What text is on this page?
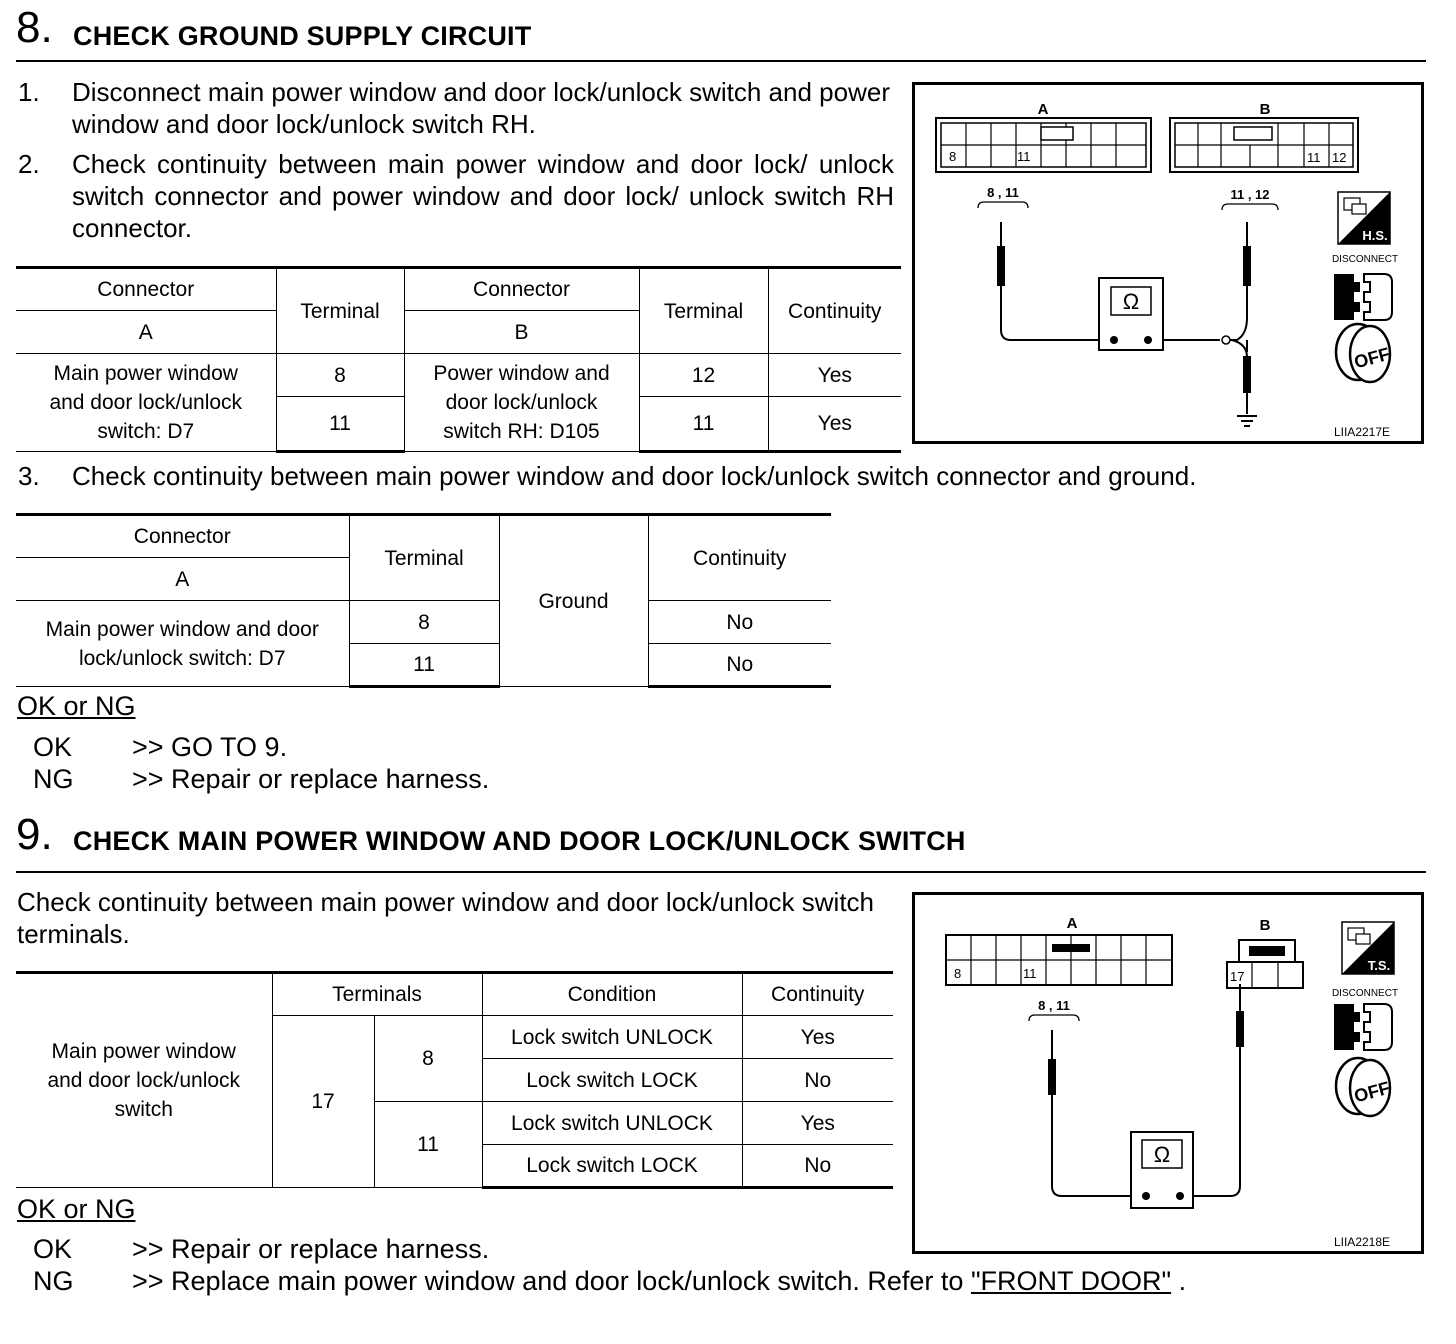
8. CHECK GROUND SUPPLY CIRCUIT
1. Disconnect main power window and door lock/unlock switch and power window and door lock/unlock switch RH.
2. Check continuity between main power window and door lock/ unlock switch connector and power window and door lock/ unlock switch RH connector.
Connector	Terminal	Connector	Terminal	Continuity
A		B		
Main power window and door lock/unlock switch: D7	8	Power window and door lock/unlock switch RH: D105	12	Yes
	11		11	Yes
3. Check continuity between main power window and door lock/unlock switch connector and ground.
Connector	Terminal	Ground	Continuity
A			
Main power window and door lock/unlock switch: D7	8		No
	11		No
OK or NG
OK >> GO TO 9.
NG >> Repair or replace harness.
A
8	11
B
11 12
8 , 11	11 , 12
Ω
H.S.
DISCONNECT
OFF
LIIA2217E
9. CHECK MAIN POWER WINDOW AND DOOR LOCK/UNLOCK SWITCH
Check continuity between main power window and door lock/unlock switch terminals.
Main power window and door lock/unlock switch	Terminals		Condition	Continuity
	17	8	Lock switch UNLOCK	Yes
			Lock switch LOCK	No
		11	Lock switch UNLOCK	Yes
			Lock switch LOCK	No
OK or NG
OK >> Repair or replace harness.
NG >> Replace main power window and door lock/unlock switch. Refer to "FRONT DOOR" .
A
8	11
B
17
8 , 11
Ω
T.S.
DISCONNECT
OFF
LIIA2218E
